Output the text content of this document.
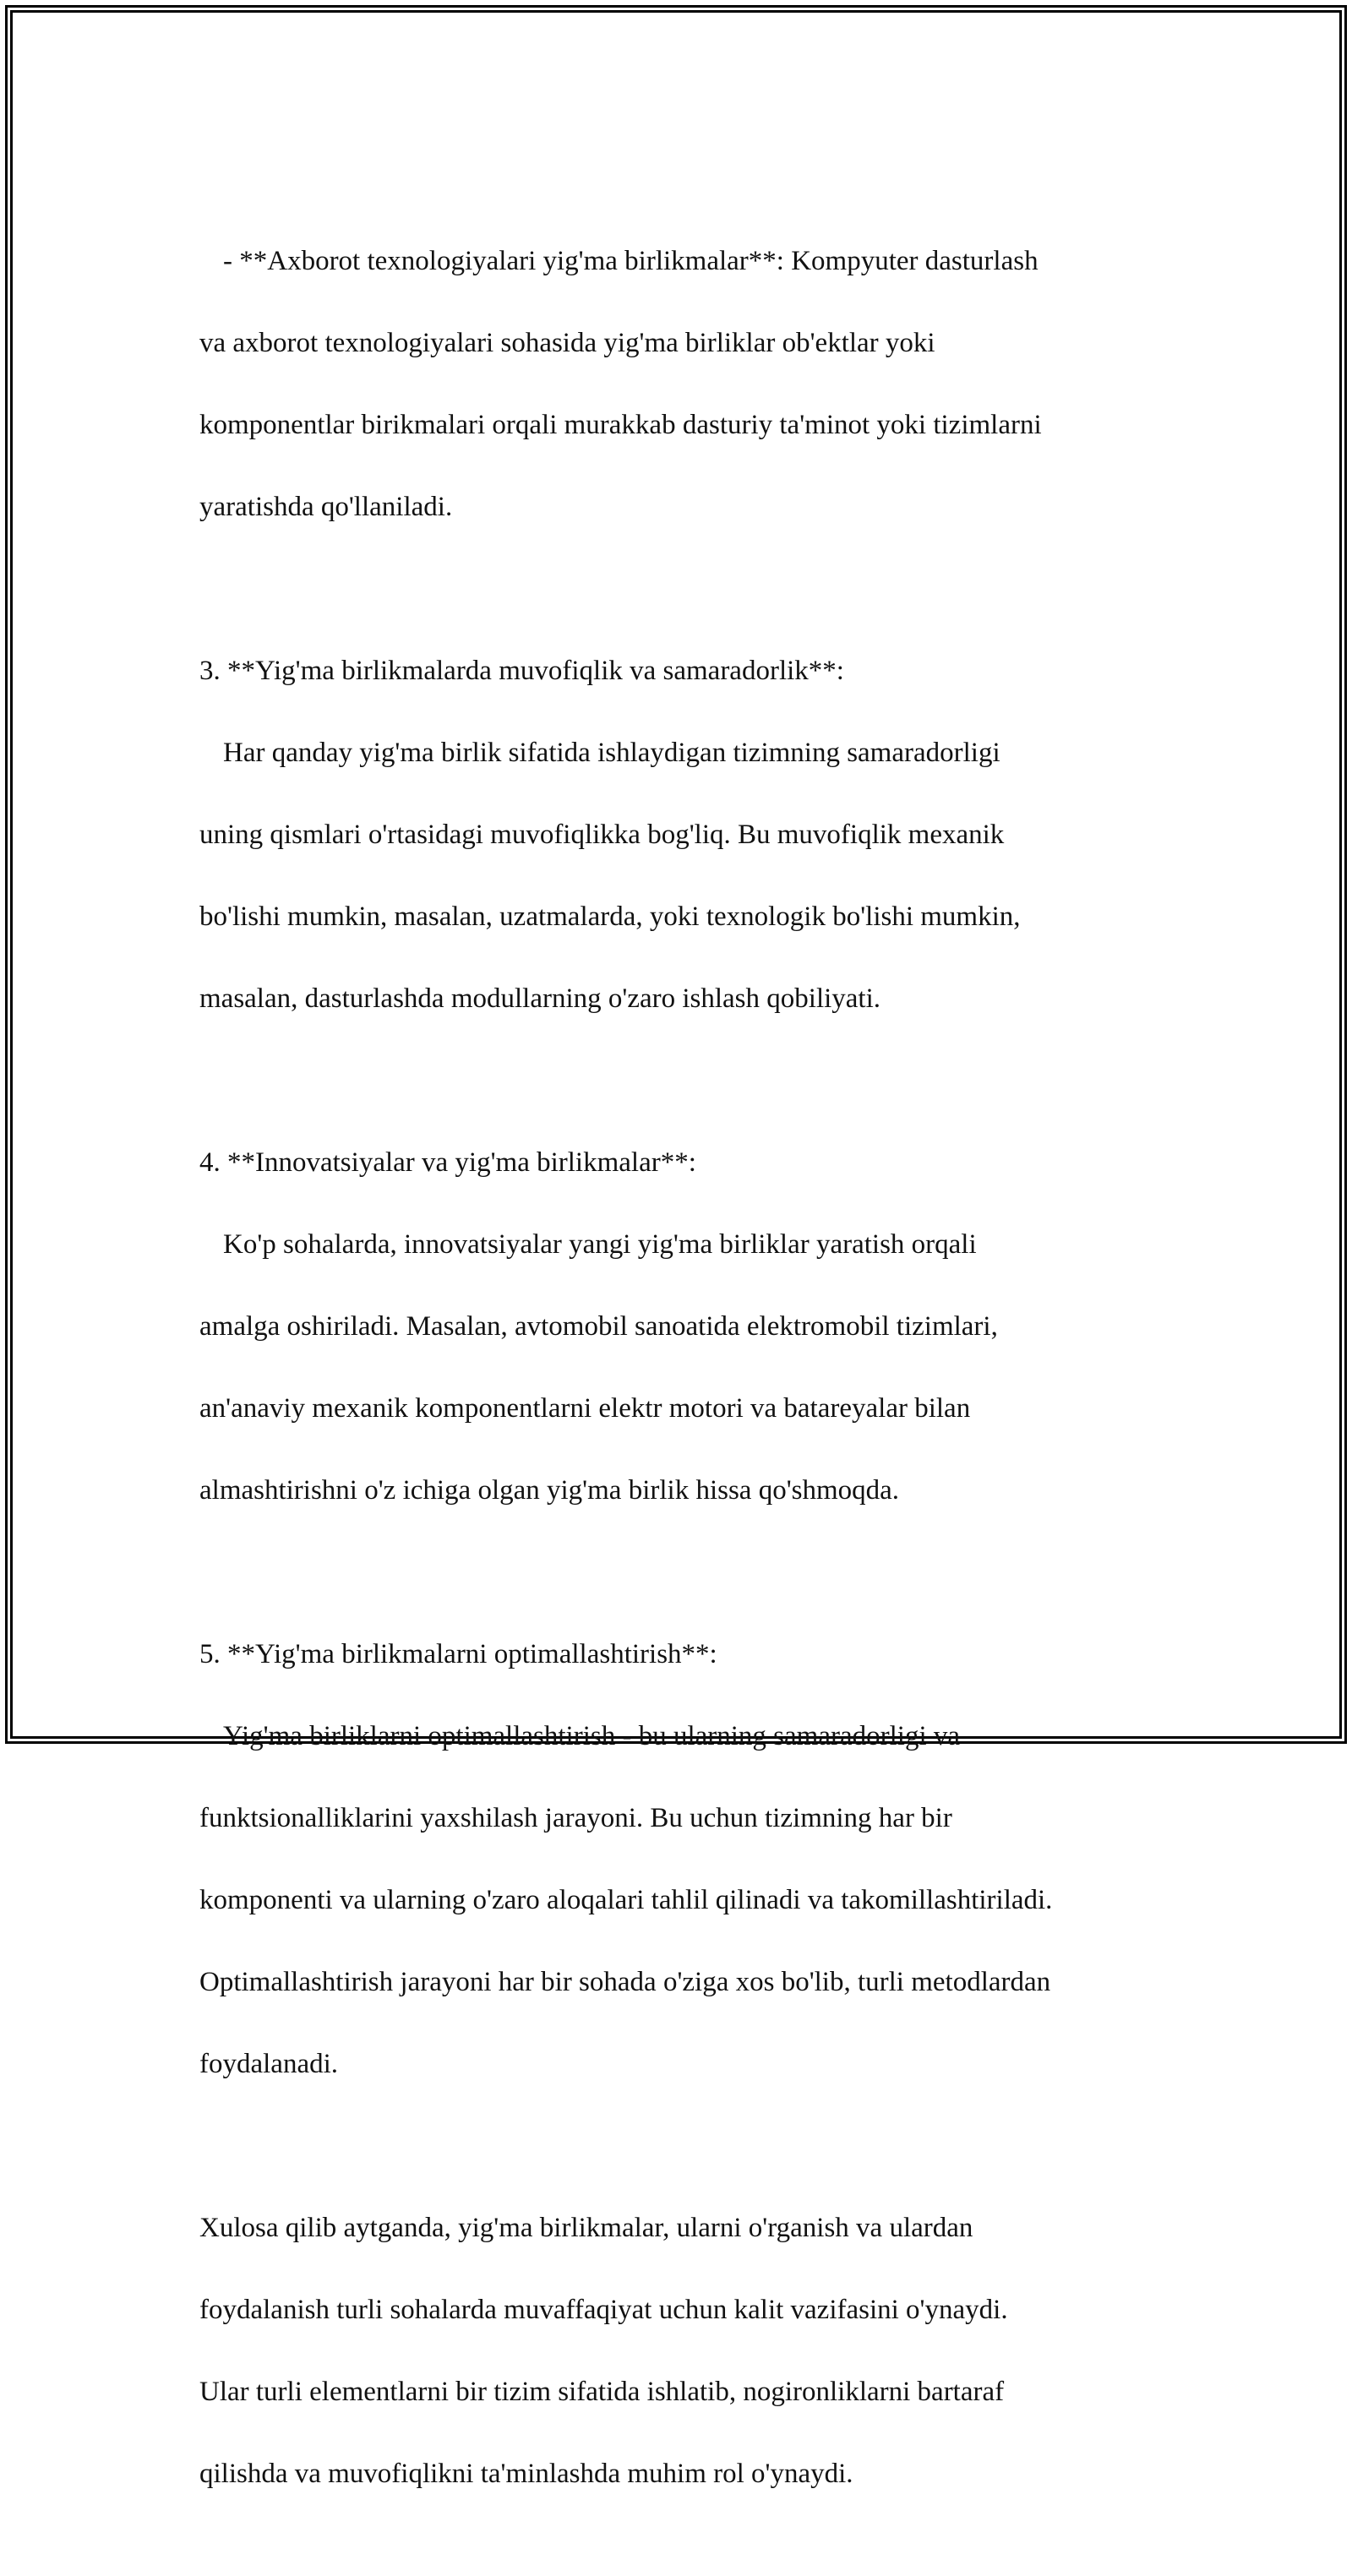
- **Axborot texnologiyalari yig'ma birlikmalar**: Kompyuter dasturlash

va axborot texnologiyalari sohasida yig'ma birliklar ob'ektlar yoki

komponentlar birikmalari orqali murakkab dasturiy ta'minot yoki tizimlarni

yaratishda qo'llaniladi.

3. **Yig'ma birlikmalarda muvofiqlik va samaradorlik**:

Har qanday yig'ma birlik sifatida ishlaydigan tizimning samaradorligi

uning qismlari o'rtasidagi muvofiqlikka bog'liq. Bu muvofiqlik mexanik

bo'lishi mumkin, masalan, uzatmalarda, yoki texnologik bo'lishi mumkin,

masalan, dasturlashda modullarning o'zaro ishlash qobiliyati.

4. **Innovatsiyalar va yig'ma birlikmalar**:

Ko'p sohalarda, innovatsiyalar yangi yig'ma birliklar yaratish orqali

amalga oshiriladi. Masalan, avtomobil sanoatida elektromobil tizimlari,

an'anaviy mexanik komponentlarni elektr motori va batareyalar bilan

almashtirishni o'z ichiga olgan yig'ma birlik hissa qo'shmoqda.

5. **Yig'ma birlikmalarni optimallashtirish**:

Yig'ma birliklarni optimallashtirish - bu ularning samaradorligi va

funktsionalliklarini yaxshilash jarayoni. Bu uchun tizimning har bir

komponenti va ularning o'zaro aloqalari tahlil qilinadi va takomillashtiriladi.

Optimallashtirish jarayoni har bir sohada o'ziga xos bo'lib, turli metodlardan

foydalanadi.

Xulosa qilib aytganda, yig'ma birlikmalar, ularni o'rganish va ulardan

foydalanish turli sohalarda muvaffaqiyat uchun kalit vazifasini o'ynaydi.

Ular turli elementlarni bir tizim sifatida ishlatib, nogironliklarni bartaraf

qilishda va muvofiqlikni ta'minlashda muhim rol o'ynaydi.
